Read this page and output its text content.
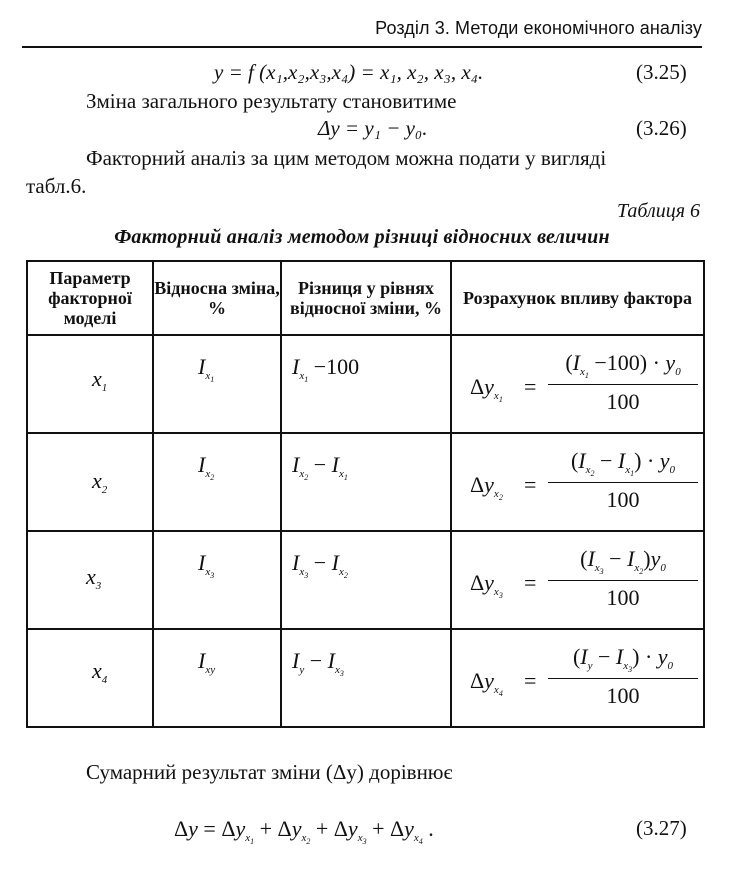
Розділ 3. Методи економічного аналізу
y = f (x₁,x₂,x₃,x₄) = x₁, x₂, x₃, x₄.	(3.25)

Зміна загального результату становитиме

Δy = y₁ − y₀.	(3.26)

Факторний аналіз за цим методом можна подати у вигляді

табл.6.

Таблиця 6
Факторний аналіз методом різниці відносних величин
Параметр факторної моделі	Відносна зміна, %	Різниця у рівнях відносної зміни, %	Розрахунок впливу фактора

$x_1$	$I_{x_1}$	$I_{x_1} -100$	$\Delta y_{x_1}$
=
$(I_{x_1} -100) \cdot y_0$
100

$x_2$	$I_{x_2}$	$I_{x_2} - I_{x_1}$	$\Delta y_{x_2}$
=
$(I_{x_2} - I_{x_1}) \cdot y_0$
100

$x_3$	$I_{x_3}$	$I_{x_3} - I_{x_2}$	$\Delta y_{x_3}$
=
$(I_{x_3} - I_{x_2})y_0$
100

$x_4$	$I_{xy}$	$I_y - I_{x_3}$	$\Delta y_{x_4}$
=
$(I_y - I_{x_3}) \cdot y_0$
100
Сумарний результат зміни (Δy) дорівнює
$\Delta y = \Delta y_{x_1} + \Delta y_{x_2} + \Delta y_{x_3} + \Delta y_{x_4}$ .	(3.27)
